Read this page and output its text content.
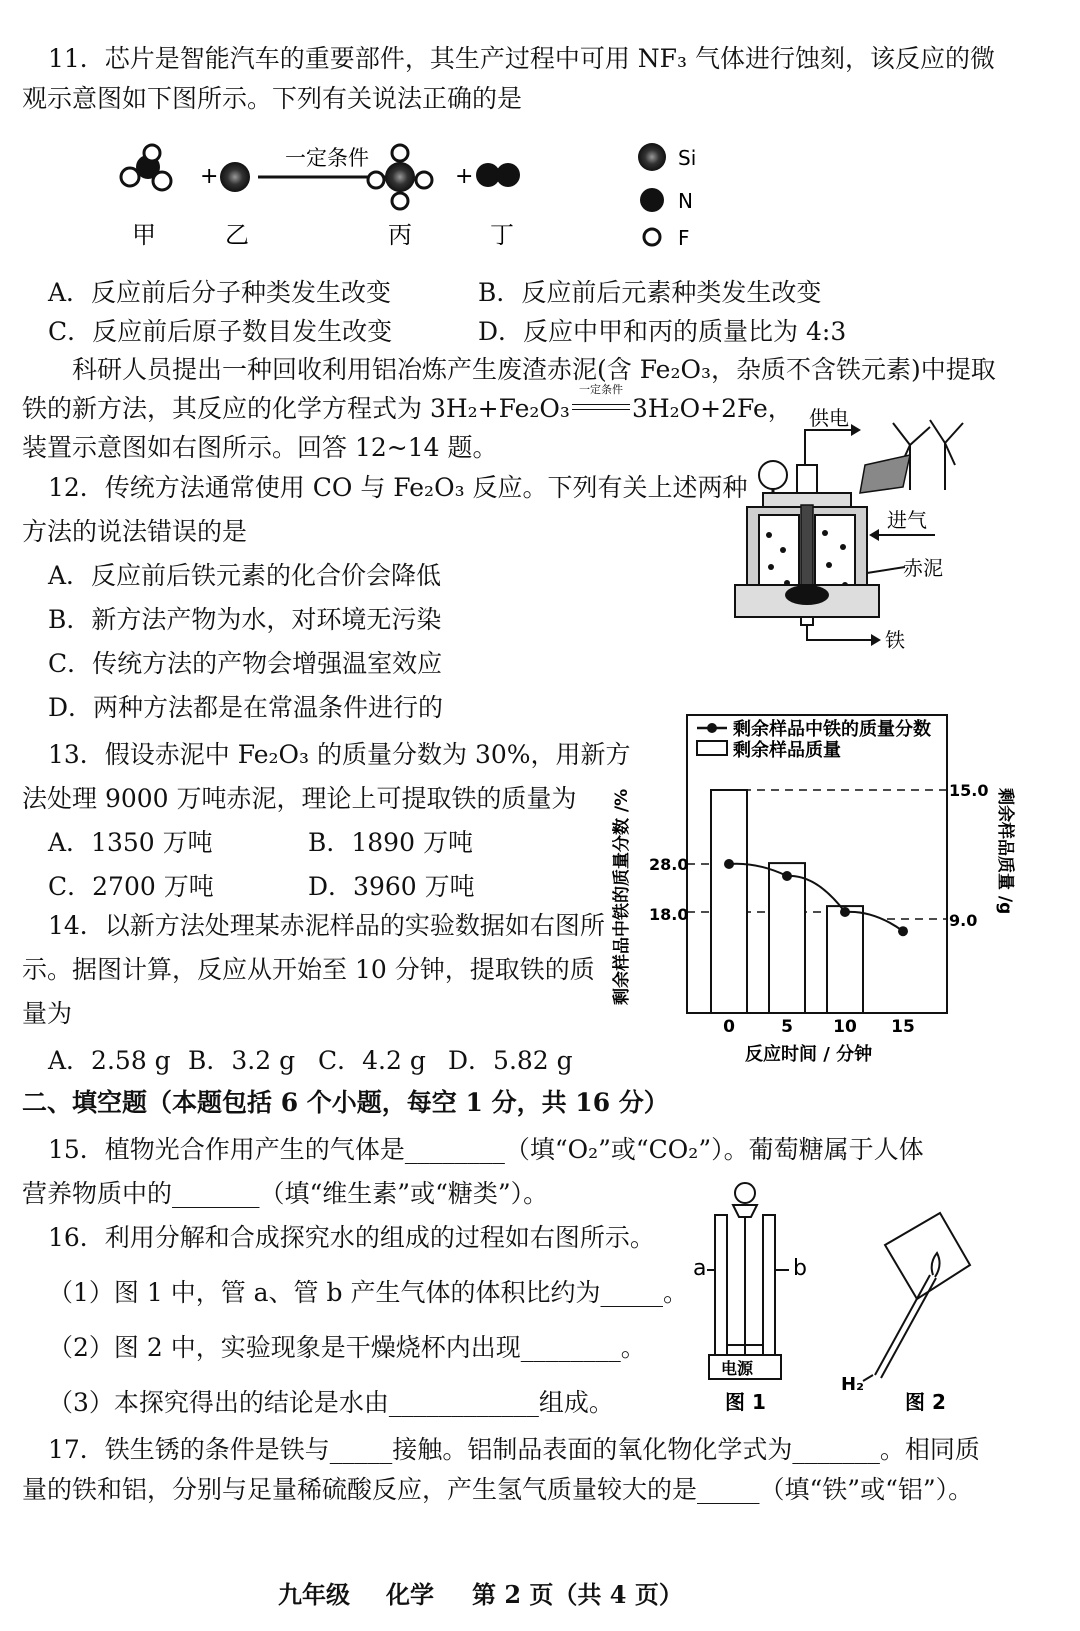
11．芯片是智能汽车的重要部件，其生产过程中可用 NF₃ 气体进行蚀刻，该反应的微
观示意图如下图所示。下列有关说法正确的是
+
一定条件
+
甲	乙	丙	丁
Si
N
F
A．反应前后分子种类发生改变	B．反应前后元素种类发生改变
C．反应前后原子数目发生改变	D．反应中甲和丙的质量比为 4:3
科研人员提出一种回收利用铝冶炼产生废渣赤泥(含 Fe₂O₃，杂质不含铁元素)中提取
铁的新方法，其反应的化学方程式为 3H₂+Fe₂O₃
一定条件
3H₂O+2Fe，
装置示意图如右图所示。回答 12~14 题。
供电
铁
进气
赤泥
12．传统方法通常使用 CO 与 Fe₂O₃ 反应。下列有关上述两种
方法的说法错误的是
A．反应前后铁元素的化合价会降低
B．新方法产物为水，对环境无污染
C．传统方法的产物会增强温室效应
D．两种方法都是在常温条件进行的
13．假设赤泥中 Fe₂O₃ 的质量分数为 30%，用新方
法处理 9000 万吨赤泥，理论上可提取铁的质量为
A．1350 万吨	B．1890 万吨
C．2700 万吨	D．3960 万吨
14．以新方法处理某赤泥样品的实验数据如右图所
示。据图计算，反应从开始至 10 分钟，提取铁的质
量为
A．2.58 g B．3.2 g C．4.2 g D．5.82 g
剩余样品中铁的质量分数
剩余样品质量
0	5 10 15
15.0
9.0
28.0
18.0
反应时间 / 分钟
剩余样品中铁的质量分数 /%	剩余样品质量 /g
二、填空题（本题包括 6 个小题，每空 1 分，共 16 分）
15．植物光合作用产生的气体是________（填“O₂”或“CO₂”）。葡萄糖属于人体
营养物质中的_______（填“维生素”或“糖类”）。
16．利用分解和合成探究水的组成的过程如右图所示。
（1）图 1 中，管 a、管 b 产生气体的体积比约为_____。
（2）图 2 中，实验现象是干燥烧杯内出现________。
（3）本探究得出的结论是水由____________组成。
a	b
电源
图 1
H₂
图 2
17．铁生锈的条件是铁与_____接触。铝制品表面的氧化物化学式为_______。相同质
量的铁和铝，分别与足量稀硫酸反应，产生氢气质量较大的是_____（填“铁”或“铝”）。
九年级 化学 第 2 页（共 4 页）
